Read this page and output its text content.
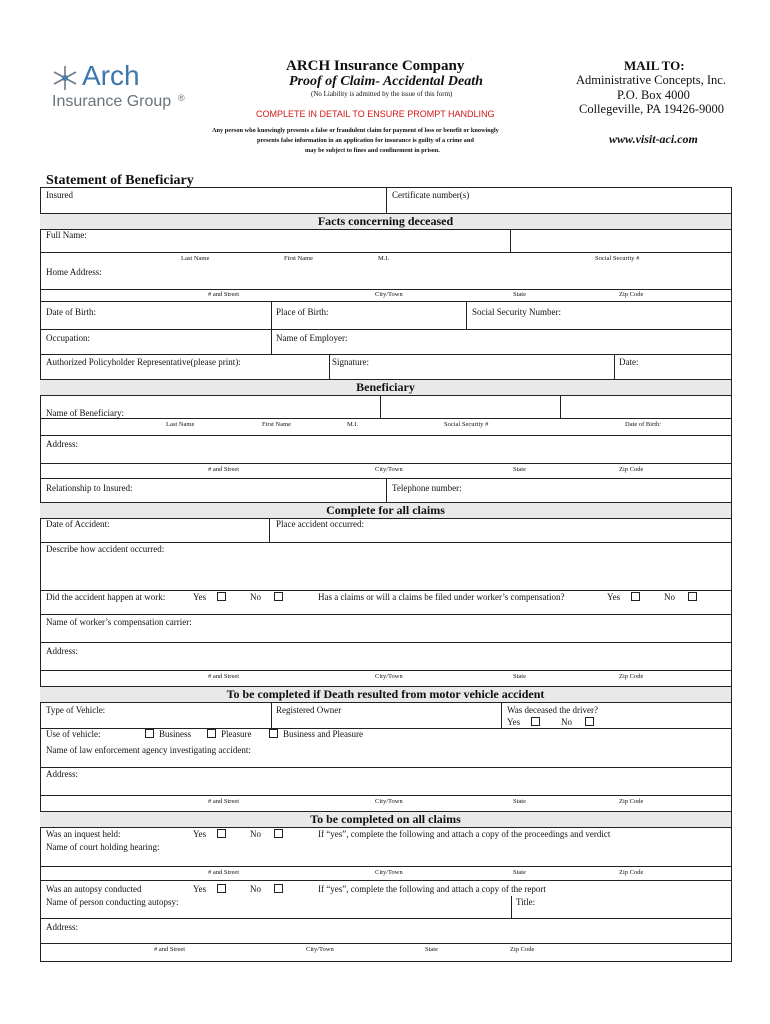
Arch
Insurance Group ®
ARCH Insurance Company
Proof of Claim- Accidental Death
(No Liability is admitted by the issue of this form)
COMPLETE IN DETAIL TO ENSURE PROMPT HANDLING
Any person who knowingly presents a false or fraudulent claim for payment of loss or benefit or knowingly
presents false information in an application for insurance is guilty of a crime and
may be subject to fines and confinement in prison.
MAIL TO:
Administrative Concepts, Inc.
P.O. Box 4000
Collegeville, PA 19426-9000
www.visit-aci.com
Statement of Beneficiary
Insured	Certificate number(s)
Facts concerning deceased
Full Name:
Last Name	First Name	M.I.	Social Security #
Home Address:
# and Street	City/Town	State	Zip Code
Date of Birth:	Place of Birth:	Social Security Number:
Occupation:	Name of Employer:
Authorized Policyholder Representative(please print):	Signature:	Date:
Beneficiary
Name of Beneficiary:
Last Name	First Name	M.I.	Social Security #	Date of Birth:
Address:
# and Street	City/Town	State	Zip Code
Relationship to Insured:	Telephone number:
Complete for all claims
Date of Accident:	Place accident occurred:
Describe how accident occurred:
Did the accident happen at work:	Yes	No	Has a claims or will a claims be filed under worker’s compensation?	Yes	No
Name of worker’s compensation carrier:
Address:
# and Street	City/Town	State	Zip Code
To be completed if Death resulted from motor vehicle accident
Type of Vehicle:	Registered Owner	Was deceased the driver?
Yes	No
Use of vehicle:	Business	Pleasure	Business and Pleasure
Name of law enforcement agency investigating accident:
Address:
# and Street	City/Town	State	Zip Code
To be completed on all claims
Was an inquest held:	Yes	No	If “yes”, complete the following and attach a copy of the proceedings and verdict
Name of court holding hearing:
# and Street	City/Town	State	Zip Code
Was an autopsy conducted	Yes	No	If “yes”, complete the following and attach a copy of the report
Name of person conducting autopsy:	Title:
Address:
# and Street	City/Town	State	Zip Code
